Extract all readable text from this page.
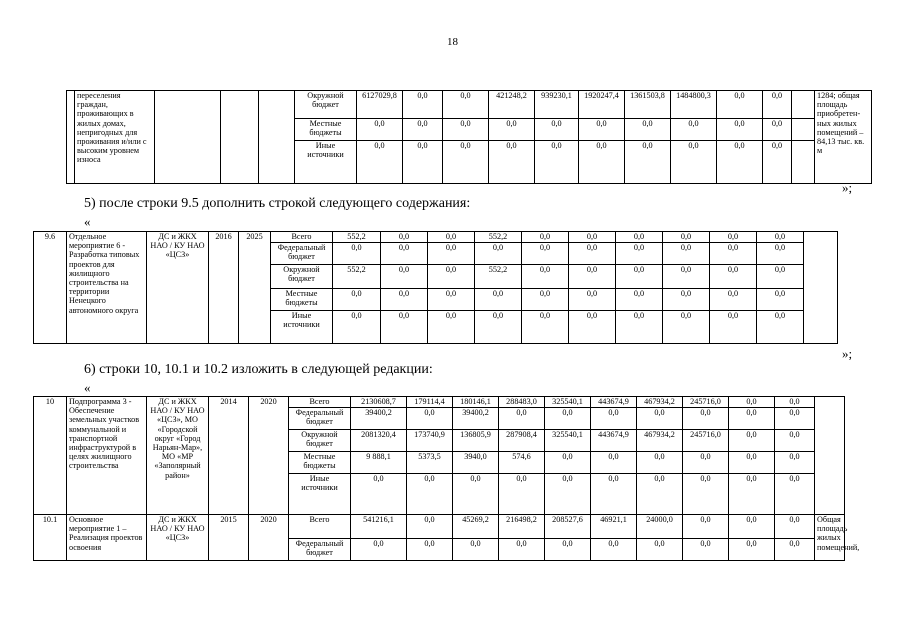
18
	переселения граждан, проживающих в жилых домах, непригодных для проживания и/или с высоким уровнем износа				Окружной бюджет	6127029,8	0,0	0,0	421248,2	939230,1	1920247,4	1361503,8	1484800,3	0,0	0,0		1284; общая площадь приобретен-ных жилых помещений – 84,13 тыс. кв. м
					Местные бюджеты	0,0	0,0	0,0	0,0	0,0	0,0	0,0	0,0	0,0	0,0		
					Иные источники	0,0	0,0	0,0	0,0	0,0	0,0	0,0	0,0	0,0	0,0		
»;
5) после строки 9.5 дополнить строкой следующего содержания:
«
9.6	Отдельное мероприятие 6 - Разработка типовых проектов для жилищного строительства на территории Ненецкого автономного округа	ДС и ЖКХ НАО / КУ НАО «ЦСЗ»	2016	2025	Всего	552,2	0,0	0,0	552,2	0,0	0,0	0,0	0,0	0,0	0,0	
					Федеральный бюджет	0,0	0,0	0,0	0,0	0,0	0,0	0,0	0,0	0,0	0,0	
					Окружной бюджет	552,2	0,0	0,0	552,2	0,0	0,0	0,0	0,0	0,0	0,0	
					Местные бюджеты	0,0	0,0	0,0	0,0	0,0	0,0	0,0	0,0	0,0	0,0	
					Иные источники	0,0	0,0	0,0	0,0	0,0	0,0	0,0	0,0	0,0	0,0	
»;
6) строки 10, 10.1 и 10.2 изложить в следующей редакции:
«
10	Подпрограмма 3 - Обеспечение земельных участков коммунальной и транспортной инфраструктурой в целях жилищного строительства	ДС и ЖКХ НАО / КУ НАО «ЦСЗ», МО «Городской округ «Город Нарьян-Мар», МО «МР «Заполярный район»	2014	2020	Всего	2130608,7	179114,4	180146,1	288483,0	325540,1	443674,9	467934,2	245716,0	0,0	0,0	
					Федеральный бюджет	39400,2	0,0	39400,2	0,0	0,0	0,0	0,0	0,0	0,0	0,0	
					Окружной бюджет	2081320,4	173740,9	136805,9	287908,4	325540,1	443674,9	467934,2	245716,0	0,0	0,0	
					Местные бюджеты	9 888,1	5373,5	3940,0	574,6	0,0	0,0	0,0	0,0	0,0	0,0	
					Иные источники	0,0	0,0	0,0	0,0	0,0	0,0	0,0	0,0	0,0	0,0	
10.1	Основное мероприятие 1 – Реализация проектов освоения	ДС и ЖКХ НАО / КУ НАО «ЦСЗ»	2015	2020	Всего	541216,1	0,0	45269,2	216498,2	208527,6	46921,1	24000,0	0,0	0,0	0,0	Общая площадь жилых помещений,
					Федеральный бюджет	0,0	0,0	0,0	0,0	0,0	0,0	0,0	0,0	0,0	0,0	
